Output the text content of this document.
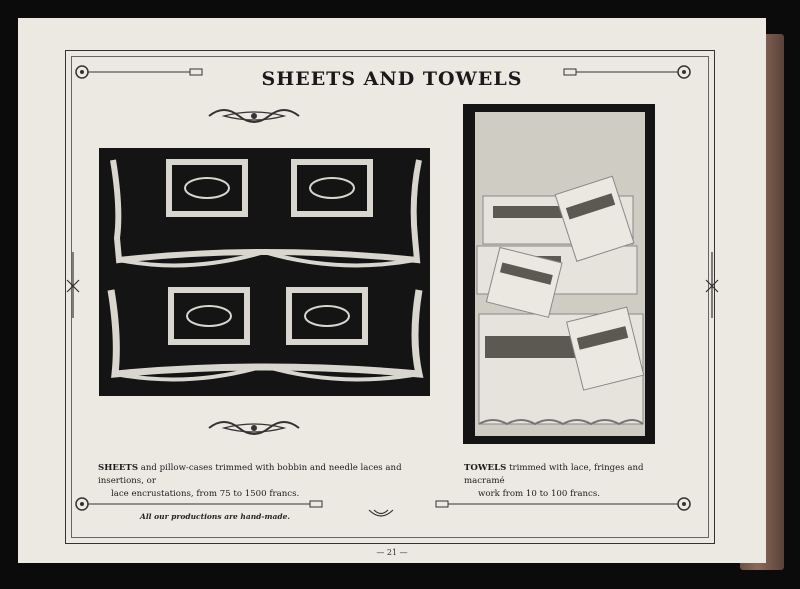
SHEETS AND TOWELS
SHEETS and pillow-cases trimmed with bobbin and needle laces and insertions, or
lace encrustations, from 75 to 1500 francs.
TOWELS trimmed with lace, fringes and macramé
work from 10 to 100 francs.
All our productions are hand-made.
— 21 —
